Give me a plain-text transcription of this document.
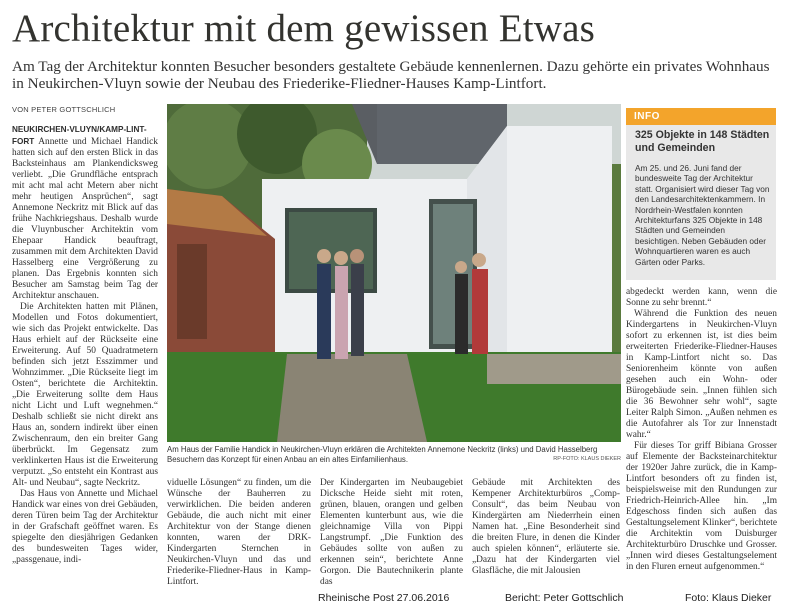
Architektur mit dem gewissen Etwas
Am Tag der Architektur konnten Besucher besonders gestaltete Gebäude kennenlernen. Dazu gehörte ein privates Wohnhaus in Neukirchen-Vluyn sowie der Neubau des Friederike-Fliedner-Hauses Kamp-Lintfort.
VON PETER GOTTSCHLICH

NEUKIRCHEN-VLUYN/KAMP-LINT-FORT Annette und Michael Handick hatten sich auf den ersten Blick in das Backsteinhaus am Plankendicksweg verliebt. „Die Grundfläche entsprach mit acht mal acht Metern aber nicht mehr heutigen Ansprüchen“, sagt Annemone Neckritz mit Blick auf das frühe Nachkriegshaus. Deshalb wurde die Vluynbuscher Architektin vom Ehepaar Handick beauftragt, zusammen mit dem Architekten David Hasselberg eine Vergrößerung zu planen. Das Ergebnis konnten sich Besucher am Samstag beim Tag der Architektur anschauen.

Die Architekten hatten mit Plänen, Modellen und Fotos dokumentiert, wie sich das Projekt entwickelte. Das Haus erhielt auf der Rückseite eine Erweiterung. Auf 50 Quadratmetern befinden sich jetzt Esszimmer und Wohnzimmer. „Die Rückseite liegt im Osten“, berichtete die Architektin. „Die Erweiterung sollte dem Haus nicht Licht und Luft wegnehmen.“ Deshalb schließt sie nicht direkt ans Haus an, sondern indirekt über einen Zwischenraum, den ein breiter Gang überbrückt. Im Gegensatz zum verklinkerten Haus ist die Erweiterung verputzt. „So entsteht ein Kontrast aus Alt- und Neubau“, sagte Neckritz.

Das Haus von Annette und Michael Handick war eines von drei Gebäuden, deren Türen beim Tag der Architektur in der Grafschaft geöffnet waren. Es spiegelte den diesjährigen Gedanken des bundesweiten Tages wider, „passgenaue, indi-

Am Haus der Familie Handick in Neukirchen-Vluyn erklären die Architekten Annemone Neckritz (links) und David Hasselberg Besuchern das Konzept für einen Anbau an ein altes Einfamilienhaus.	RP-FOTO: KLAUS DIEKER

viduelle Lösungen“ zu finden, um die Wünsche der Bauherren zu verwirklichen. Die beiden anderen Gebäude, die auch nicht mit einer Architektur von der Stange dienen konnten, waren der DRK-Kindergarten Sternchen in Neukirchen-Vluyn und das und Friederike-Fliedner-Haus in Kamp-Lintfort.

Der Kindergarten im Neubaugebiet Dicksche Heide sieht mit roten, grünen, blauen, orangen und gelben Elementen kunterbunt aus, wie die gleichnamige Villa von Pippi Langstrumpf. „Die Funktion des Gebäudes sollte von außen zu erkennen sein“, berichtete Anne Gorgon. Die Bautechnikerin plante das

Gebäude mit Architekten des Kempener Architekturbüros „Comp-Consult“, das beim Neubau von Kindergärten am Niederrhein einen Namen hat. „Eine Besonderheit sind die breiten Flure, in denen die Kinder auch spielen können“, erläuterte sie. „Dazu hat der Kindergarten viel Glasfläche, die mit Jalousien

INFO
325 Objekte in 148 Städten und Gemeinden
Am 25. und 26. Juni fand der bundesweite Tag der Architektur statt. Organisiert wird dieser Tag von den Landesarchitektenkammern. In Nordrhein-Westfalen konnten Architekturfans 325 Objekte in 148 Städten und Gemeinden besichtigen. Neben Gebäuden oder Wohnquartieren waren es auch Gärten oder Parks.

abgedeckt werden kann, wenn die Sonne zu sehr brennt.“

Während die Funktion des neuen Kindergartens in Neukirchen-Vluyn sofort zu erkennen ist, ist dies beim erweiterten Friederike-Fliedner-Hauses in Kamp-Lintfort nicht so. Das Seniorenheim könnte von außen gesehen auch ein Wohn- oder Bürogebäude sein. „Innen fühlen sich die 36 Bewohner sehr wohl“, sagte Leiter Ralph Simon. „Außen nehmen es die Autofahrer als Tor zur Innenstadt wahr.“

Für dieses Tor griff Bibiana Grosser auf Elemente der Backsteinarchitektur der 1920er Jahre zurück, die in Kamp-Lintfort besonders oft zu finden ist, beispielsweise mit den Rundungen zur Friedrich-Heinrich-Allee hin. „Im Edgeschoss finden sich außen das Gestaltungselement Klinker“, berichtete die Architektin vom Duisburger Architekturbüro Druschke und Grosser. „Innen wird dieses Gestaltungselement in den Fluren erneut aufgenommen.“

Rheinische Post 27.06.2016	Bericht: Peter Gottschlich	Foto: Klaus Dieker
